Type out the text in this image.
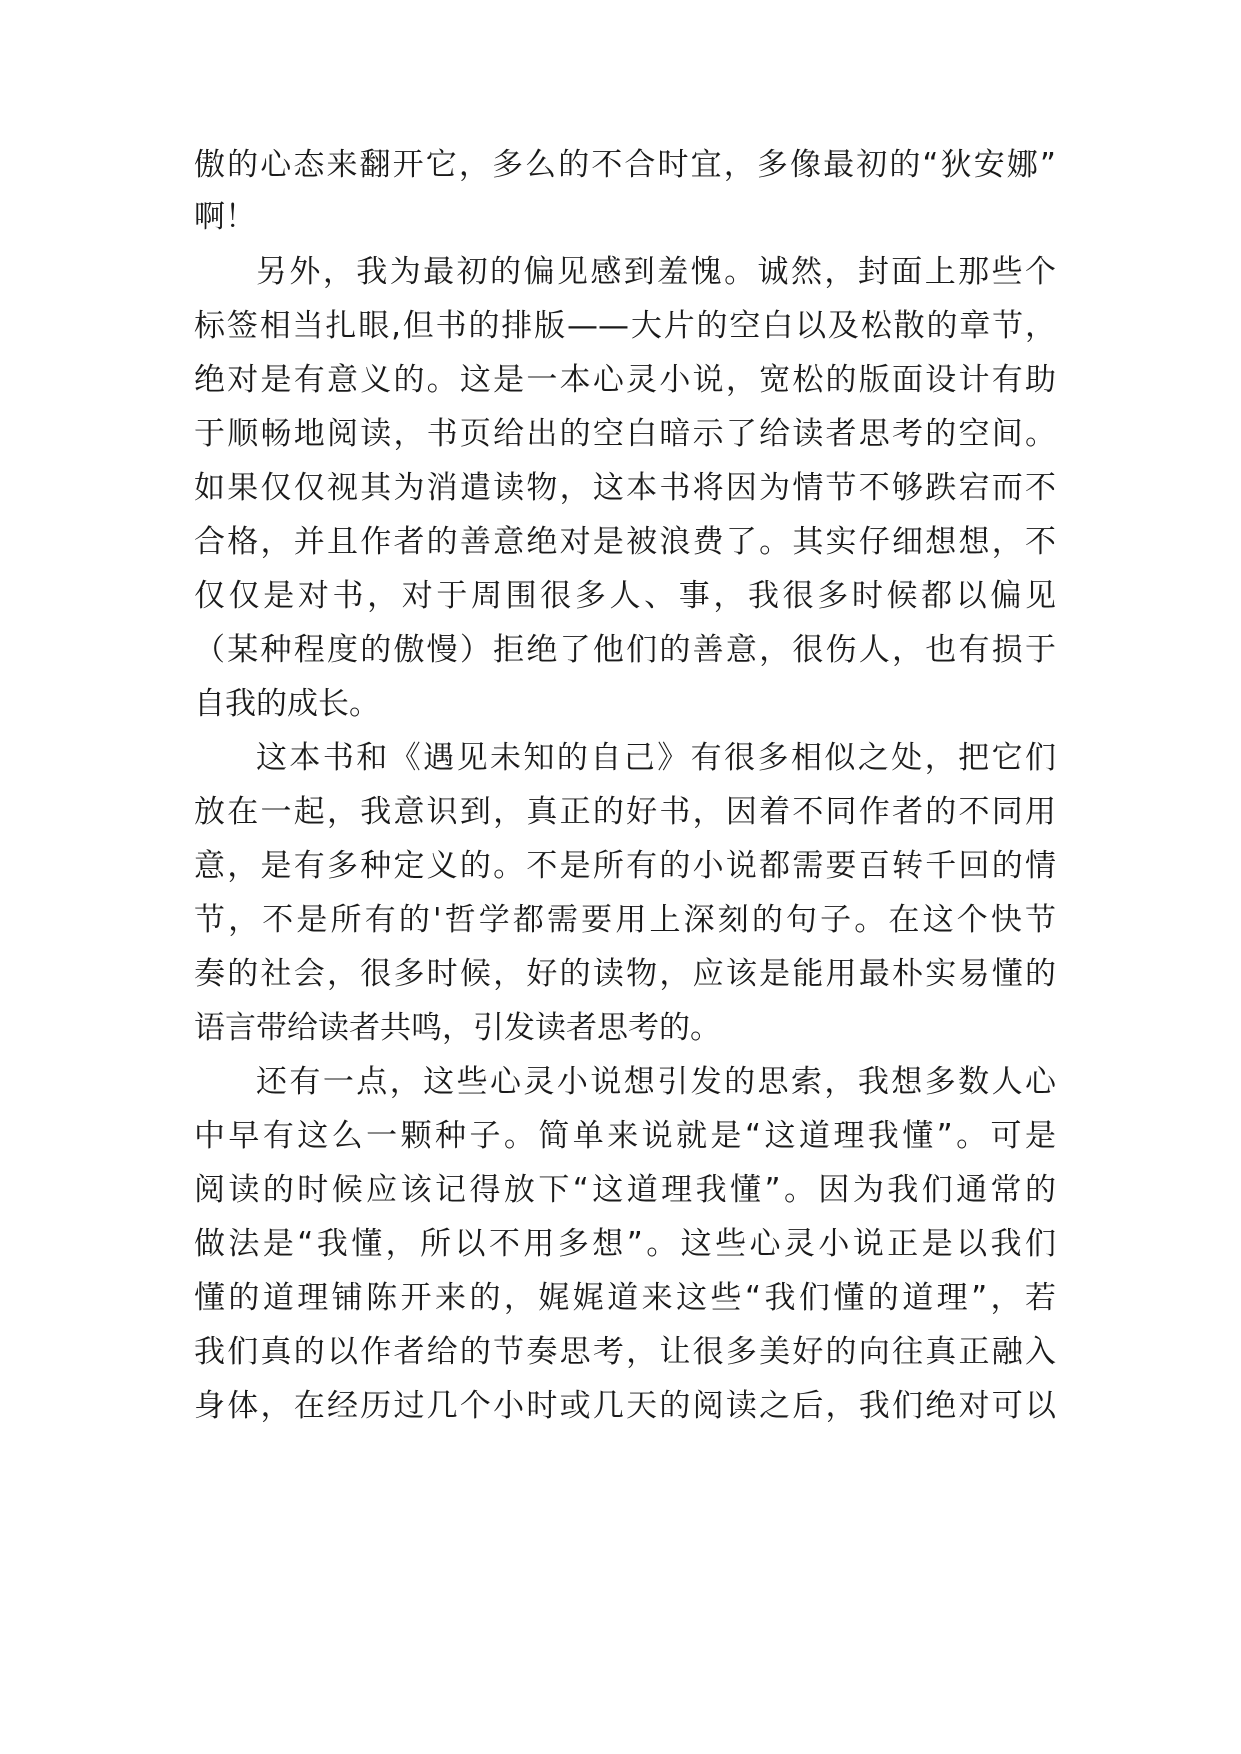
傲的心态来翻开它，多么的不合时宜，多像最初的“狄安娜”
啊！
另外，我为最初的偏见感到羞愧。诚然，封面上那些个
标签相当扎眼,但书的排版——大片的空白以及松散的章节，
绝对是有意义的。这是一本心灵小说，宽松的版面设计有助
于顺畅地阅读，书页给出的空白暗示了给读者思考的空间。
如果仅仅视其为消遣读物，这本书将因为情节不够跌宕而不
合格，并且作者的善意绝对是被浪费了。其实仔细想想，不
仅仅是对书，对于周围很多人、事，我很多时候都以偏见
（某种程度的傲慢）拒绝了他们的善意，很伤人，也有损于
自我的成长。
这本书和《遇见未知的自己》有很多相似之处，把它们
放在一起，我意识到，真正的好书，因着不同作者的不同用
意，是有多种定义的。不是所有的小说都需要百转千回的情
节，不是所有的'哲学都需要用上深刻的句子。在这个快节
奏的社会，很多时候，好的读物，应该是能用最朴实易懂的
语言带给读者共鸣，引发读者思考的。
还有一点，这些心灵小说想引发的思索，我想多数人心
中早有这么一颗种子。简单来说就是“这道理我懂”。可是
阅读的时候应该记得放下“这道理我懂”。因为我们通常的
做法是“我懂，所以不用多想”。这些心灵小说正是以我们
懂的道理铺陈开来的，娓娓道来这些“我们懂的道理”，若
我们真的以作者给的节奏思考，让很多美好的向往真正融入
身体，在经历过几个小时或几天的阅读之后，我们绝对可以
